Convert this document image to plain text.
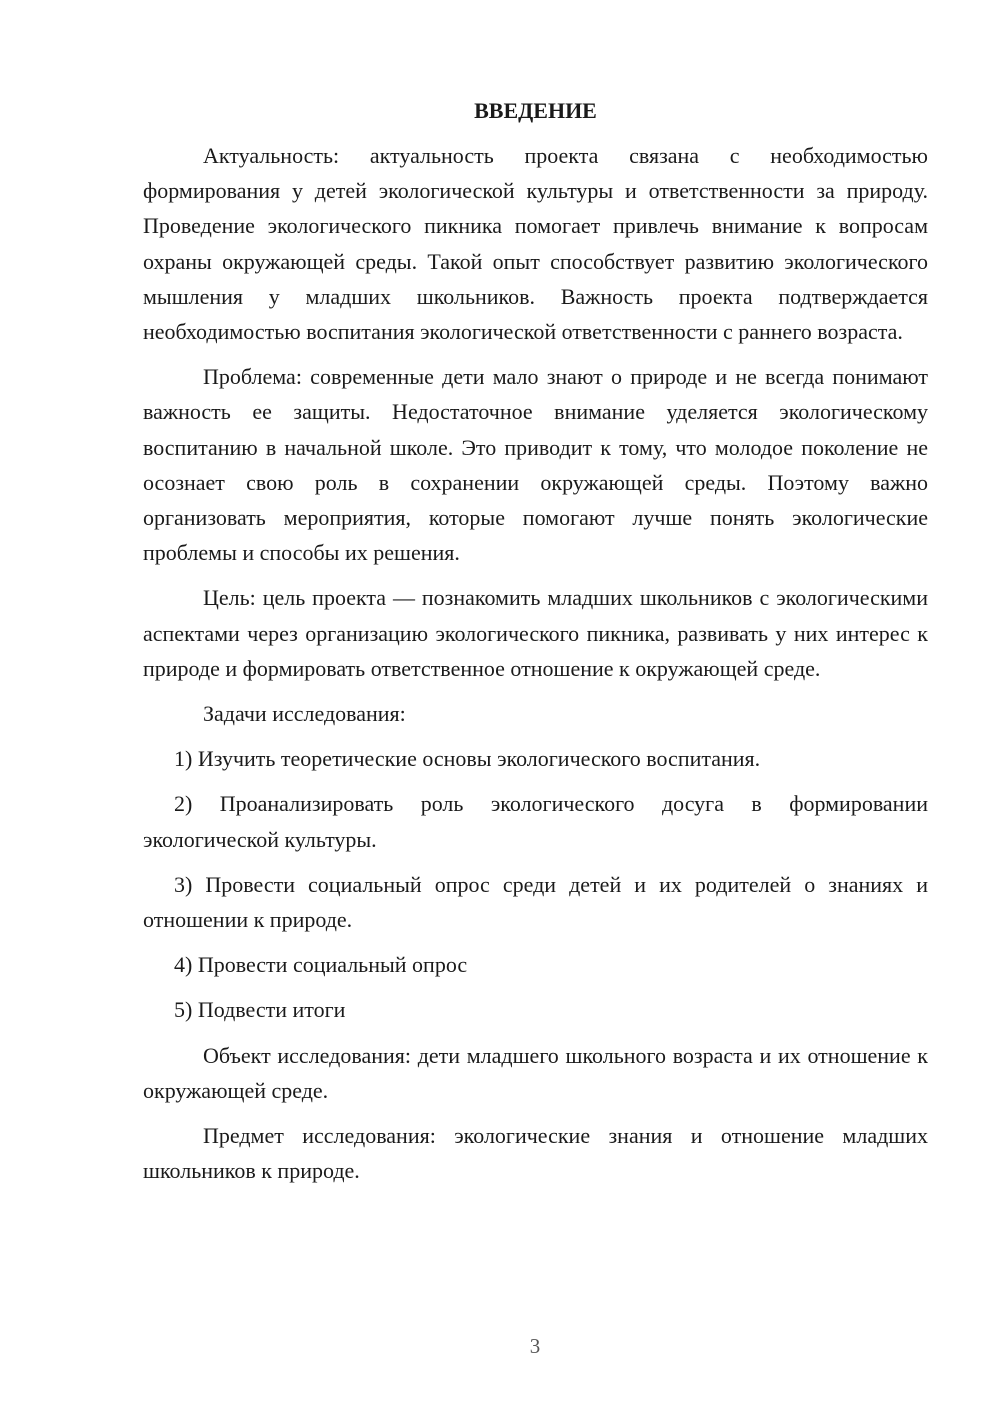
ВВЕДЕНИЕ

Актуальность: актуальность проекта связана с необходимостью формирования у детей экологической культуры и ответственности за природу. Проведение экологического пикника помогает привлечь внимание к вопросам охраны окружающей среды. Такой опыт способствует развитию экологического мышления у младших школьников. Важность проекта подтверждается необходимостью воспитания экологической ответственности с раннего возраста.

Проблема: современные дети мало знают о природе и не всегда понимают важность ее защиты. Недостаточное внимание уделяется экологическому воспитанию в начальной школе. Это приводит к тому, что молодое поколение не осознает свою роль в сохранении окружающей среды. Поэтому важно организовать мероприятия, которые помогают лучше понять экологические проблемы и способы их решения.

Цель: цель проекта — познакомить младших школьников с экологическими аспектами через организацию экологического пикника, развивать у них интерес к природе и формировать ответственное отношение к окружающей среде.

Задачи исследования:

1) Изучить теоретические основы экологического воспитания.

2) Проанализировать роль экологического досуга в формировании экологической культуры.

3) Провести социальный опрос среди детей и их родителей о знаниях и отношении к природе.

4) Провести социальный опрос

5) Подвести итоги

Объект исследования: дети младшего школьного возраста и их отношение к окружающей среде.

Предмет исследования: экологические знания и отношение младших школьников к природе.

3
